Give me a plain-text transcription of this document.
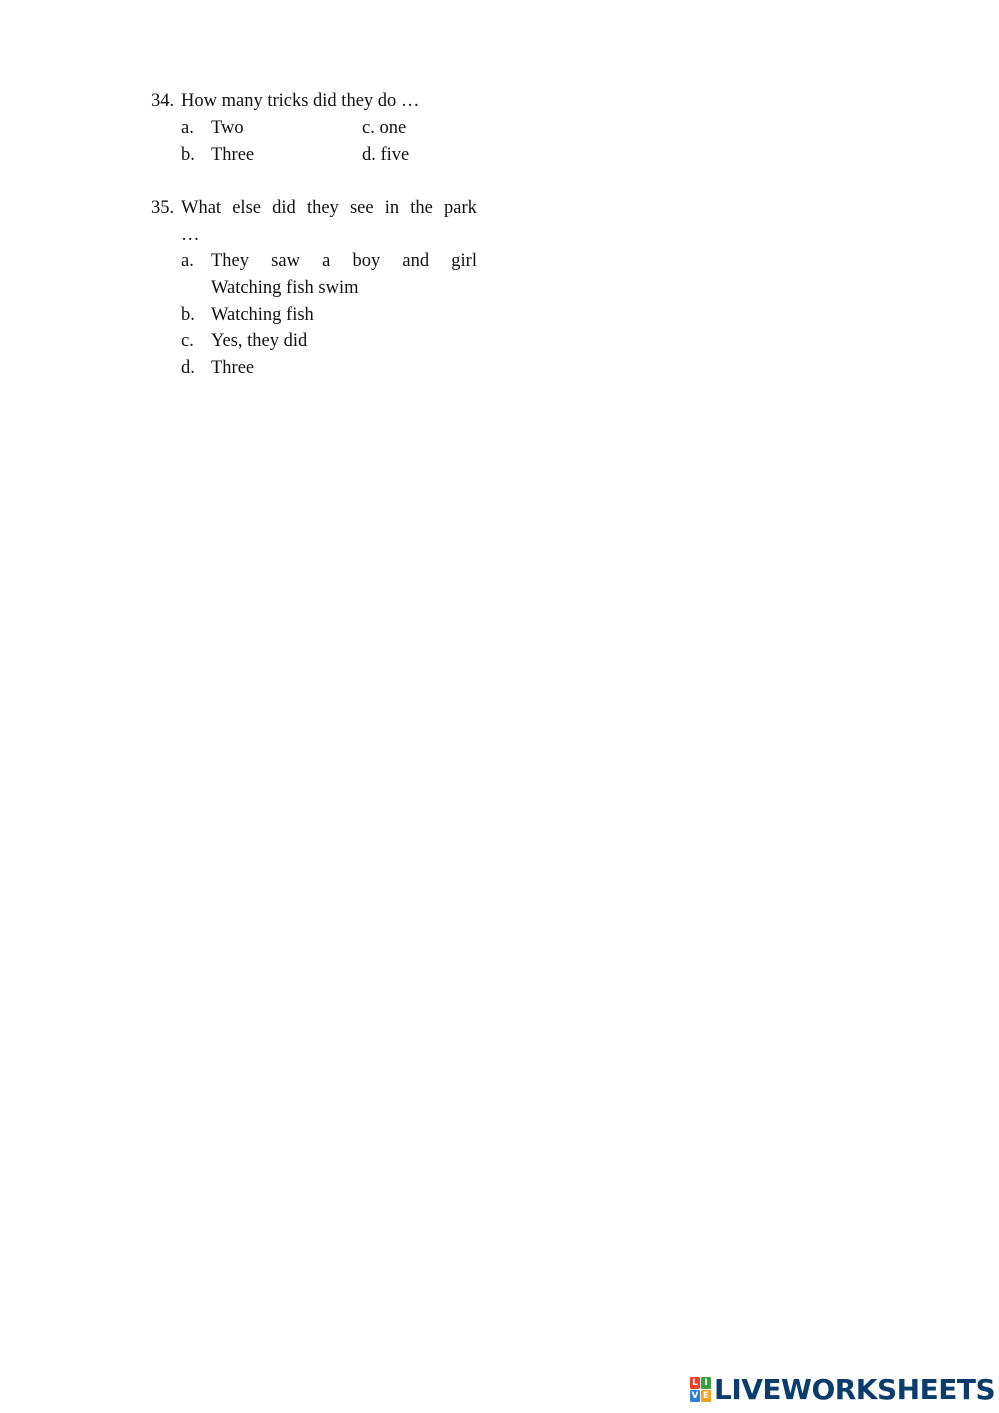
34. How many tricks did they do …
a. Two	c. one
b. Three	d. five
35. What else did they see in the park
…
a. They saw a boy and girl
Watching fish swim
b. Watching fish
c. Yes, they did
d. Three
L I
V E LIVEWORKSHEETS
